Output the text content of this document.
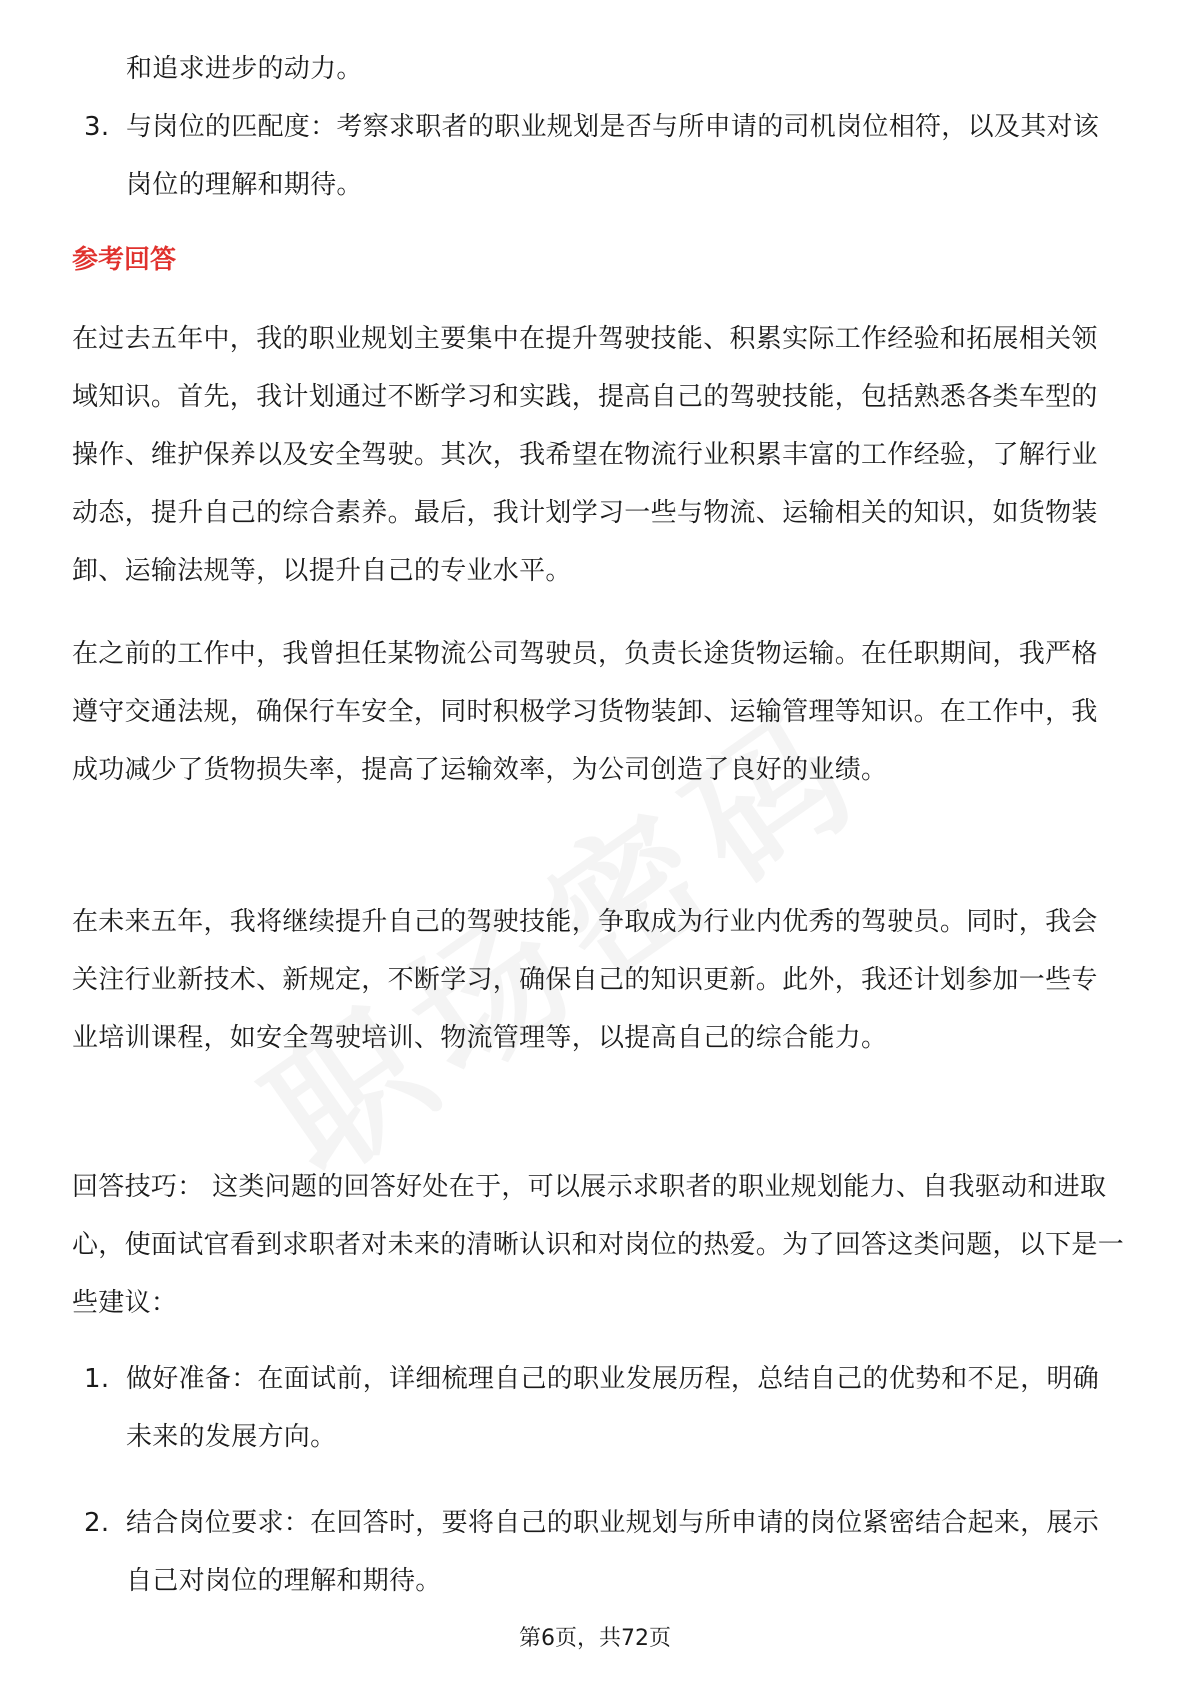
和追求进步的动力。
3. 与岗位的匹配度：考察求职者的职业规划是否与所申请的司机岗位相符，以及其对该岗位的理解和期待。
参考回答

在过去五年中，我的职业规划主要集中在提升驾驶技能、积累实际工作经验和拓展相关领域知识。首先，我计划通过不断学习和实践，提高自己的驾驶技能，包括熟悉各类车型的操作、维护保养以及安全驾驶。其次，我希望在物流行业积累丰富的工作经验，了解行业动态，提升自己的综合素养。最后，我计划学习一些与物流、运输相关的知识，如货物装卸、运输法规等，以提升自己的专业水平。

在之前的工作中，我曾担任某物流公司驾驶员，负责长途货物运输。在任职期间，我严格遵守交通法规，确保行车安全，同时积极学习货物装卸、运输管理等知识。在工作中，我成功减少了货物损失率，提高了运输效率，为公司创造了良好的业绩。

在未来五年，我将继续提升自己的驾驶技能，争取成为行业内优秀的驾驶员。同时，我会关注行业新技术、新规定，不断学习，确保自己的知识更新。此外，我还计划参加一些专业培训课程，如安全驾驶培训、物流管理等，以提高自己的综合能力。

回答技巧： 这类问题的回答好处在于，可以展示求职者的职业规划能力、自我驱动和进取心，使面试官看到求职者对未来的清晰认识和对岗位的热爱。为了回答这类问题，以下是一些建议：

1. 做好准备：在面试前，详细梳理自己的职业发展历程，总结自己的优势和不足，明确未来的发展方向。
2. 结合岗位要求：在回答时，要将自己的职业规划与所申请的岗位紧密结合起来，展示自己对岗位的理解和期待。
第6页，共72页
